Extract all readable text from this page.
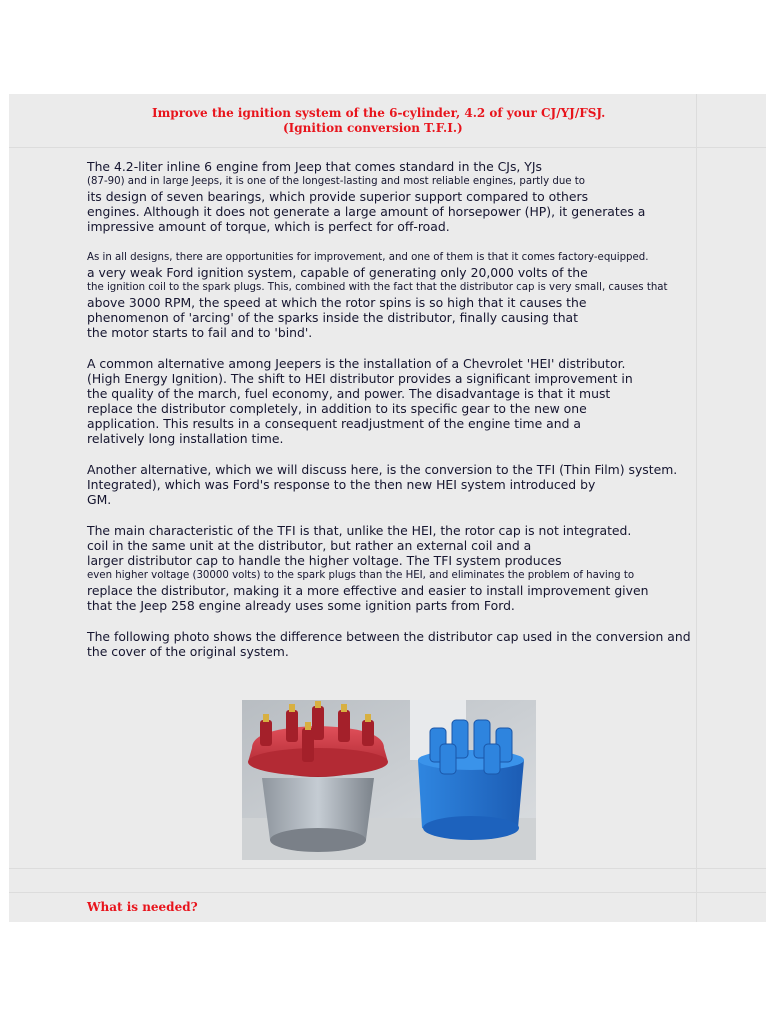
Improve the ignition system of the 6-cylinder, 4.2 of your CJ/YJ/FSJ.
(Ignition conversion T.F.I.)
The 4.2-liter inline 6 engine from Jeep that comes standard in the CJs, YJs
(87-90) and in large Jeeps, it is one of the longest-lasting and most reliable engines, partly due to
its design of seven bearings, which provide superior support compared to others
engines. Although it does not generate a large amount of horsepower (HP), it generates a
impressive amount of torque, which is perfect for off-road.
As in all designs, there are opportunities for improvement, and one of them is that it comes factory-equipped.
a very weak Ford ignition system, capable of generating only 20,000 volts of the
the ignition coil to the spark plugs. This, combined with the fact that the distributor cap is very small, causes that
above 3000 RPM, the speed at which the rotor spins is so high that it causes the
phenomenon of 'arcing' of the sparks inside the distributor, finally causing that
the motor starts to fail and to 'bind'.
A common alternative among Jeepers is the installation of a Chevrolet 'HEI' distributor.
(High Energy Ignition). The shift to HEI distributor provides a significant improvement in
the quality of the march, fuel economy, and power. The disadvantage is that it must
replace the distributor completely, in addition to its specific gear to the new one
application. This results in a consequent readjustment of the engine time and a
relatively long installation time.
Another alternative, which we will discuss here, is the conversion to the TFI (Thin Film) system.
Integrated), which was Ford's response to the then new HEI system introduced by
GM.
The main characteristic of the TFI is that, unlike the HEI, the rotor cap is not integrated.
coil in the same unit at the distributor, but rather an external coil and a
larger distributor cap to handle the higher voltage. The TFI system produces
even higher voltage (30000 volts) to the spark plugs than the HEI, and eliminates the problem of having to
replace the distributor, making it a more effective and easier to install improvement given
that the Jeep 258 engine already uses some ignition parts from Ford.
The following photo shows the difference between the distributor cap used in the conversion and
the cover of the original system.
What is needed?
